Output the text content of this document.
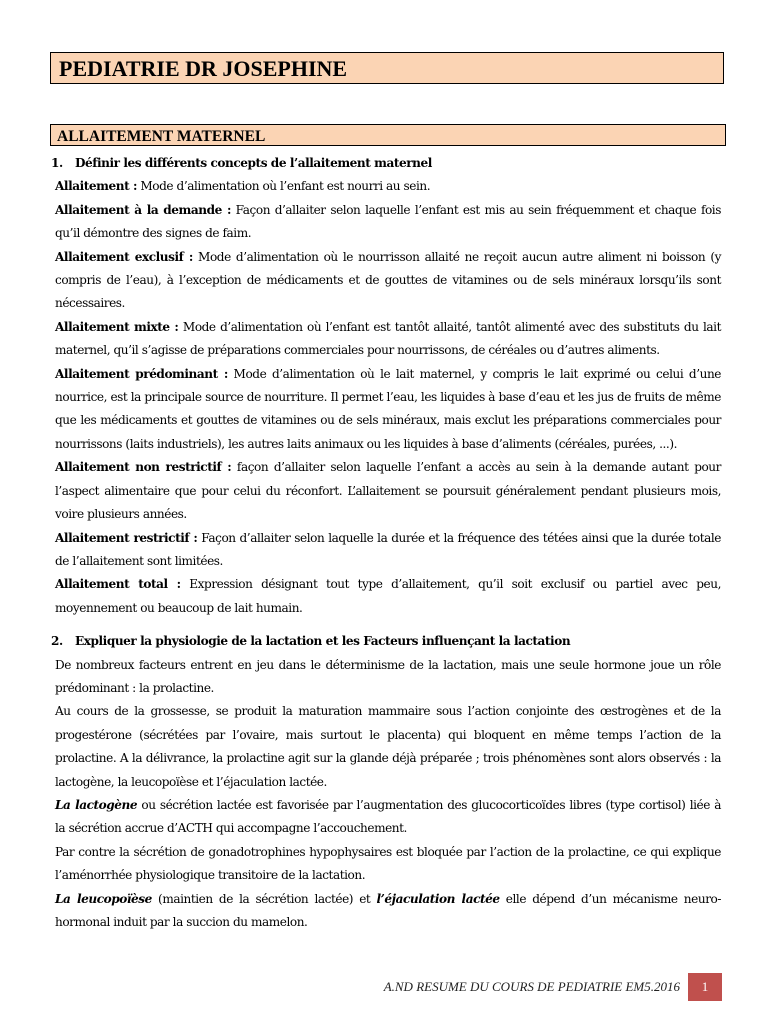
PEDIATRIE DR JOSEPHINE
ALLAITEMENT MATERNEL

1. Définir les différents concepts de l’allaitement maternel

Allaitement : Mode d’alimentation où l’enfant est nourri au sein.

Allaitement à la demande : Façon d’allaiter selon laquelle l’enfant est mis au sein fréquemment et chaque fois qu’il démontre des signes de faim.

Allaitement exclusif : Mode d’alimentation où le nourrisson allaité ne reçoit aucun autre aliment ni boisson (y compris de l’eau), à l’exception de médicaments et de gouttes de vitamines ou de sels minéraux lorsqu’ils sont nécessaires.

Allaitement mixte : Mode d’alimentation où l’enfant est tantôt allaité, tantôt alimenté avec des substituts du lait maternel, qu’il s’agisse de préparations commerciales pour nourrissons, de céréales ou d’autres aliments.

Allaitement prédominant : Mode d’alimentation où le lait maternel, y compris le lait exprimé ou celui d’une nourrice, est la principale source de nourriture. Il permet l’eau, les liquides à base d’eau et les jus de fruits de même que les médicaments et gouttes de vitamines ou de sels minéraux, mais exclut les préparations commerciales pour nourrissons (laits industriels), les autres laits animaux ou les liquides à base d’aliments (céréales, purées, ...).

Allaitement non restrictif : façon d’allaiter selon laquelle l’enfant a accès au sein à la demande autant pour l’aspect alimentaire que pour celui du réconfort. L’allaitement se poursuit généralement pendant plusieurs mois, voire plusieurs années.

Allaitement restrictif : Façon d’allaiter selon laquelle la durée et la fréquence des tétées ainsi que la durée totale de l’allaitement sont limitées.

Allaitement total : Expression désignant tout type d’allaitement, qu’il soit exclusif ou partiel avec peu, moyennement ou beaucoup de lait humain.

2. Expliquer la physiologie de la lactation et les Facteurs influençant la lactation

De nombreux facteurs entrent en jeu dans le déterminisme de la lactation, mais une seule hormone joue un rôle prédominant : la prolactine.

Au cours de la grossesse, se produit la maturation mammaire sous l’action conjointe des œstrogènes et de la progestérone (sécrétées par l’ovaire, mais surtout le placenta) qui bloquent en même temps l’action de la prolactine. A la délivrance, la prolactine agit sur la glande déjà préparée ; trois phénomènes sont alors observés : la lactogène, la leucopoïèse et l’éjaculation lactée.

La lactogène ou sécrétion lactée est favorisée par l’augmentation des glucocorticoïdes libres (type cortisol) liée à la sécrétion accrue d’ACTH qui accompagne l’accouchement.

Par contre la sécrétion de gonadotrophines hypophysaires est bloquée par l’action de la prolactine, ce qui explique l’aménorrhée physiologique transitoire de la lactation.

La leucopoïèse (maintien de la sécrétion lactée) et l’éjaculation lactée elle dépend d’un mécanisme neuro-hormonal induit par la succion du mamelon.

A.ND RESUME DU COURS DE PEDIATRIE EM5.2016	1
